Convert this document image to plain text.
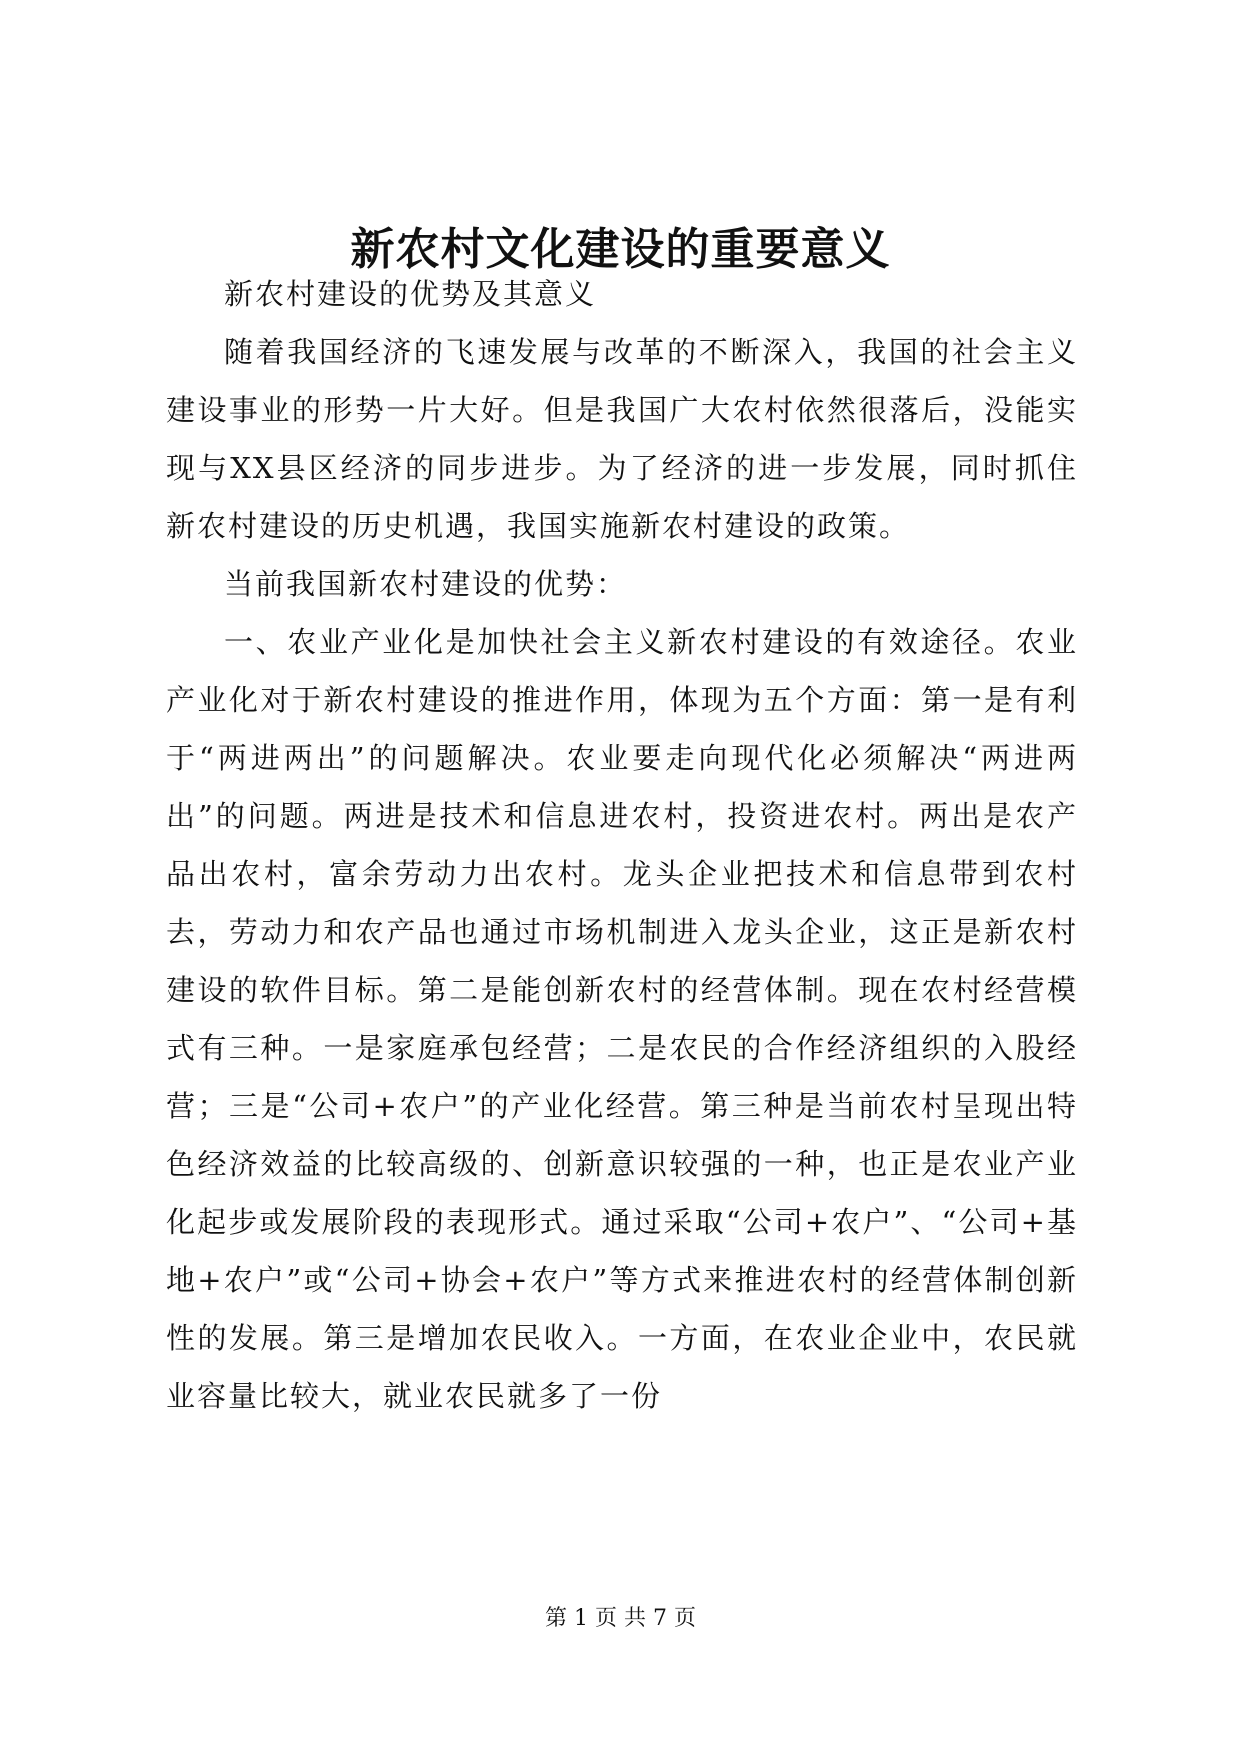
新农村文化建设的重要意义

新农村建设的优势及其意义

随着我国经济的飞速发展与改革的不断深入，我国的社会主义建设事业的形势一片大好。但是我国广大农村依然很落后，没能实现与XX县区经济的同步进步。为了经济的进一步发展，同时抓住新农村建设的历史机遇，我国实施新农村建设的政策。

当前我国新农村建设的优势：

一、农业产业化是加快社会主义新农村建设的有效途径。农业产业化对于新农村建设的推进作用，体现为五个方面：第一是有利于“两进两出”的问题解决。农业要走向现代化必须解决“两进两出”的问题。两进是技术和信息进农村，投资进农村。两出是农产品出农村，富余劳动力出农村。龙头企业把技术和信息带到农村去，劳动力和农产品也通过市场机制进入龙头企业，这正是新农村建设的软件目标。第二是能创新农村的经营体制。现在农村经营模式有三种。一是家庭承包经营；二是农民的合作经济组织的入股经营；三是“公司+农户”的产业化经营。第三种是当前农村呈现出特色经济效益的比较高级的、创新意识较强的一种，也正是农业产业化起步或发展阶段的表现形式。通过采取“公司+农户”、“公司+基地+农户”或“公司+协会+农户”等方式来推进农村的经营体制创新性的发展。第三是增加农民收入。一方面，在农业企业中，农民就业容量比较大，就业农民就多了一份

第 1 页 共 7 页
